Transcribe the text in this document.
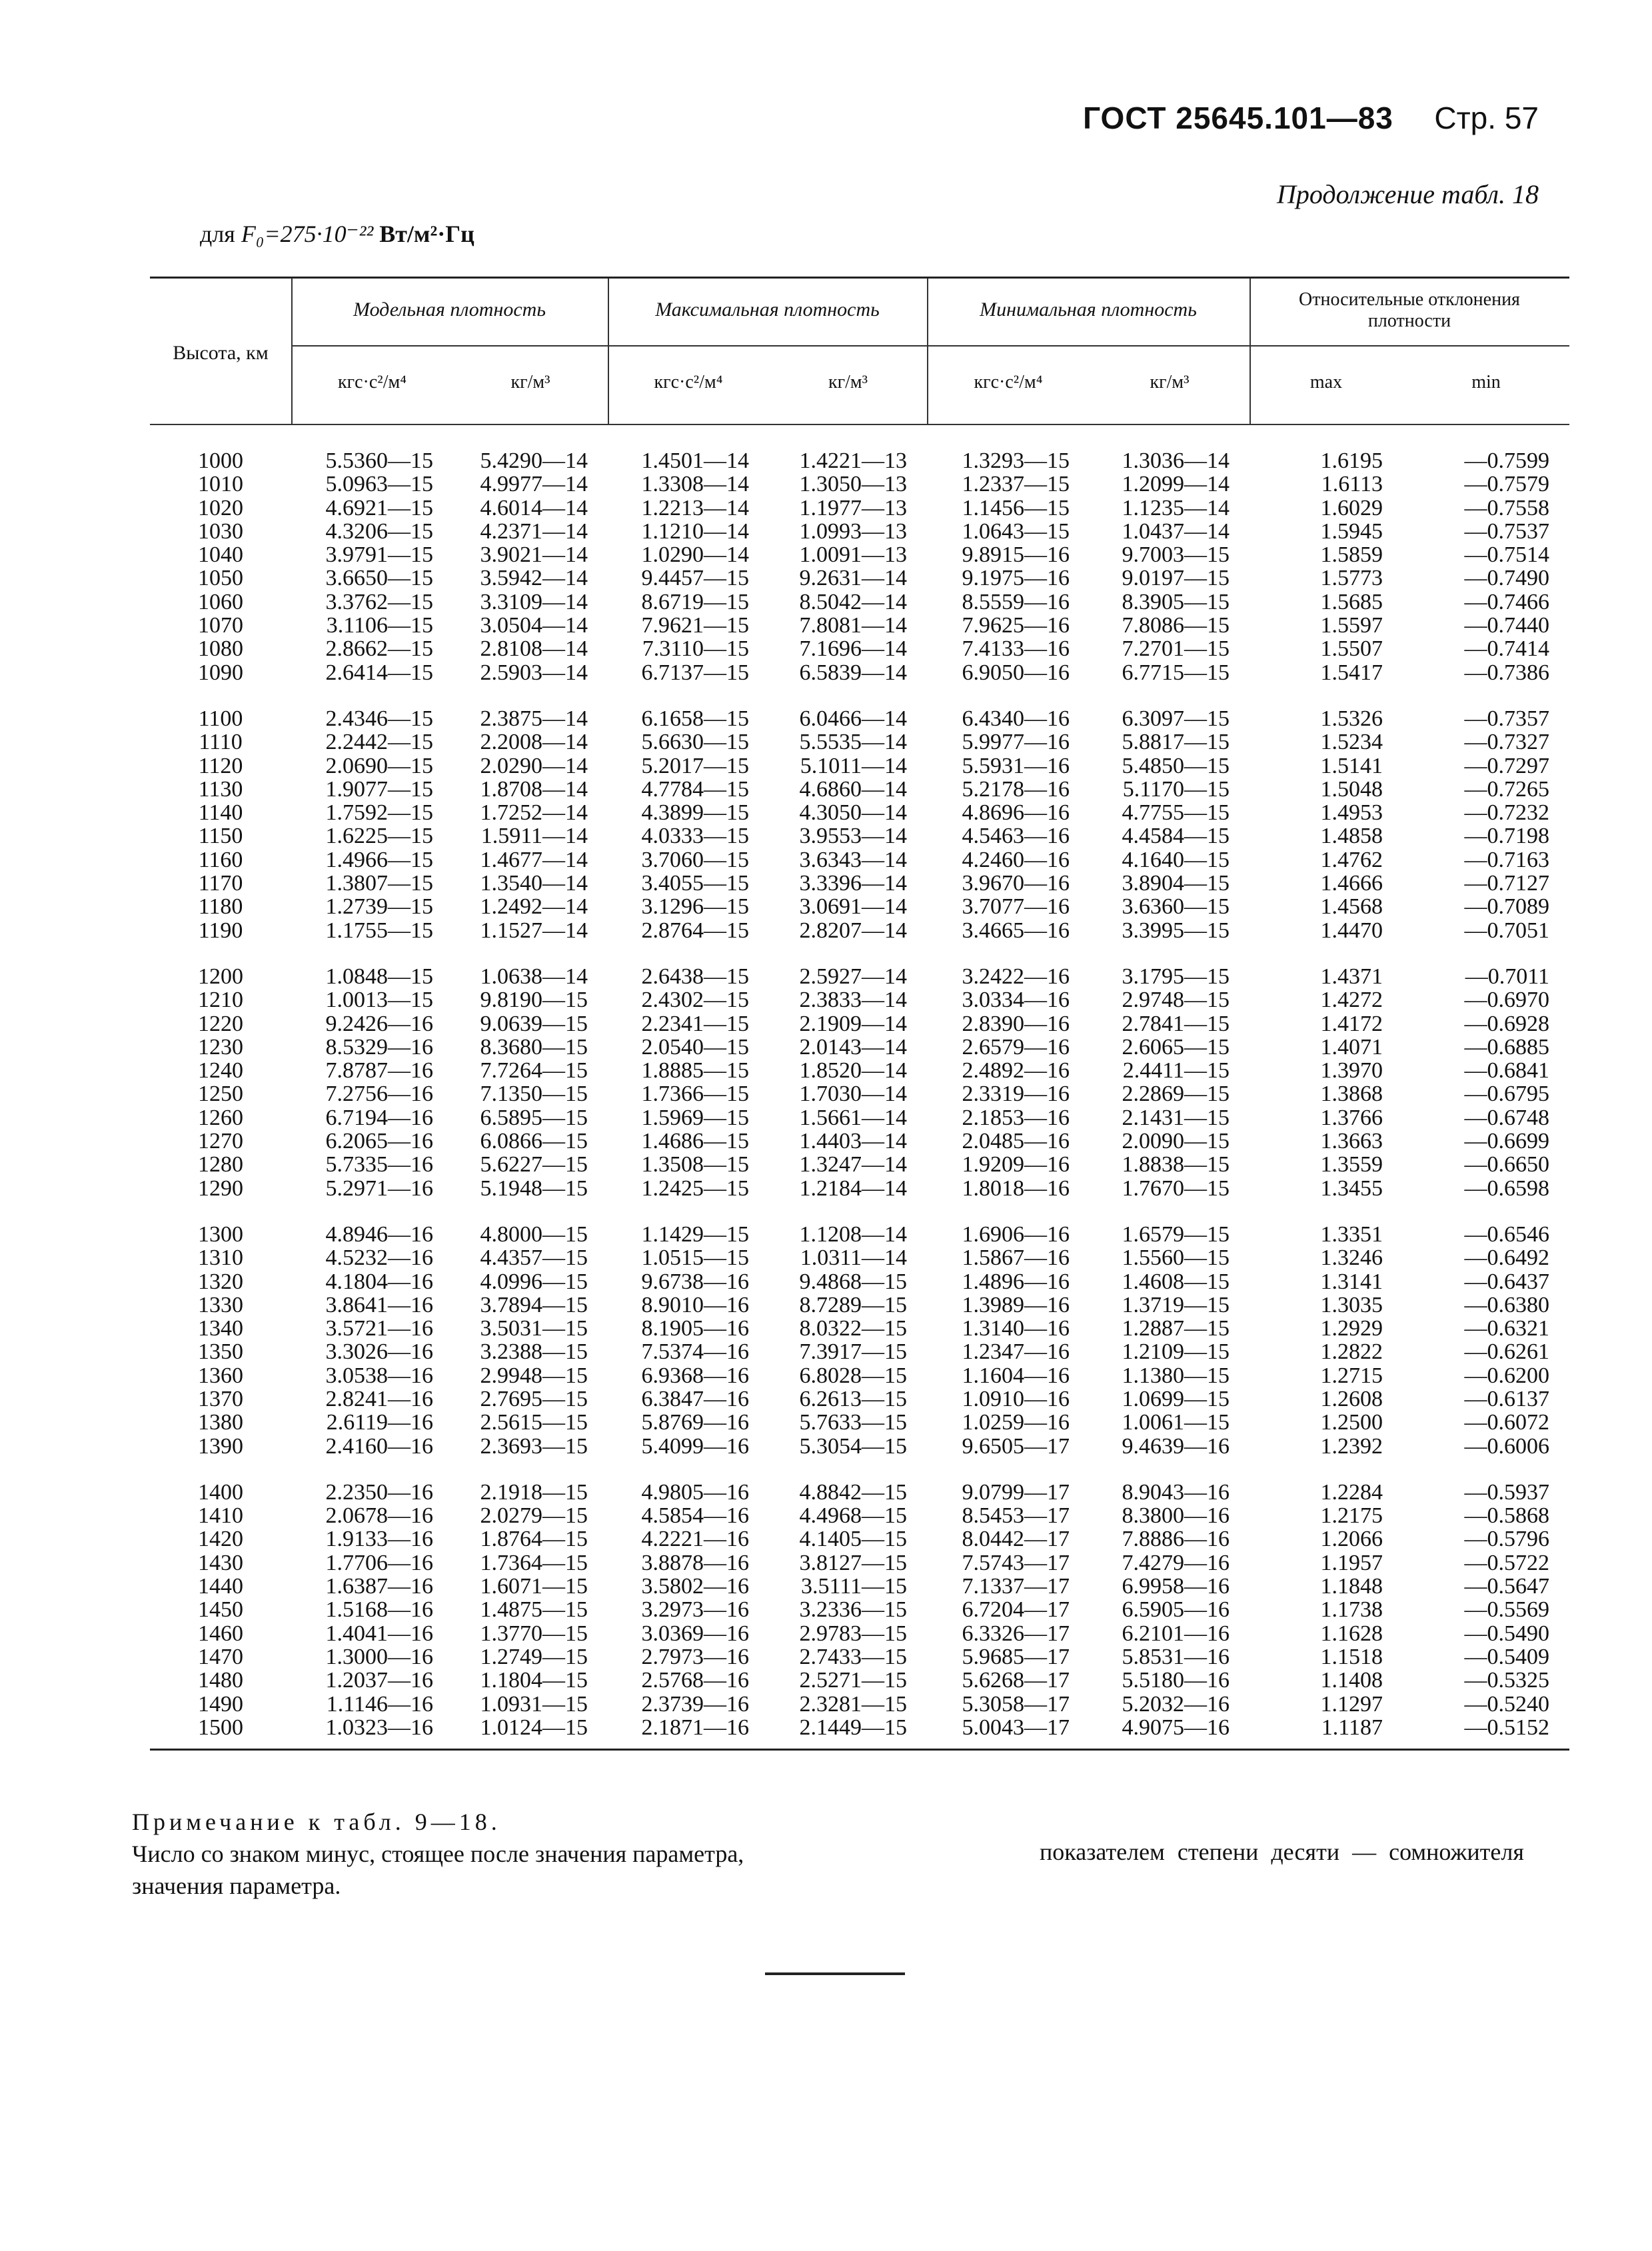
ГОСТ 25645.101—83 Стр. 57
Продолжение табл. 18
для F₀=275·10⁻²² Вт/м²·Гц
Высота, км
Модельная плотность	Максимальная плотность	Минимальная плотность	Относительные отклонения плотности
кгс·с²/м⁴	кг/м³	кгс·с²/м⁴	кг/м³	кгс·с²/м⁴	кг/м³	max	min
1000	5.5360—15	5.4290—14	1.4501—14	1.4221—13	1.3293—15	1.3036—14	1.6195	—0.7599
1010	5.0963—15	4.9977—14	1.3308—14	1.3050—13	1.2337—15	1.2099—14	1.6113	—0.7579
1020	4.6921—15	4.6014—14	1.2213—14	1.1977—13	1.1456—15	1.1235—14	1.6029	—0.7558
1030	4.3206—15	4.2371—14	1.1210—14	1.0993—13	1.0643—15	1.0437—14	1.5945	—0.7537
1040	3.9791—15	3.9021—14	1.0290—14	1.0091—13	9.8915—16	9.7003—15	1.5859	—0.7514
1050	3.6650—15	3.5942—14	9.4457—15	9.2631—14	9.1975—16	9.0197—15	1.5773	—0.7490
1060	3.3762—15	3.3109—14	8.6719—15	8.5042—14	8.5559—16	8.3905—15	1.5685	—0.7466
1070	3.1106—15	3.0504—14	7.9621—15	7.8081—14	7.9625—16	7.8086—15	1.5597	—0.7440
1080	2.8662—15	2.8108—14	7.3110—15	7.1696—14	7.4133—16	7.2701—15	1.5507	—0.7414
1090	2.6414—15	2.5903—14	6.7137—15	6.5839—14	6.9050—16	6.7715—15	1.5417	—0.7386
1100	2.4346—15	2.3875—14	6.1658—15	6.0466—14	6.4340—16	6.3097—15	1.5326	—0.7357
1110	2.2442—15	2.2008—14	5.6630—15	5.5535—14	5.9977—16	5.8817—15	1.5234	—0.7327
1120	2.0690—15	2.0290—14	5.2017—15	5.1011—14	5.5931—16	5.4850—15	1.5141	—0.7297
1130	1.9077—15	1.8708—14	4.7784—15	4.6860—14	5.2178—16	5.1170—15	1.5048	—0.7265
1140	1.7592—15	1.7252—14	4.3899—15	4.3050—14	4.8696—16	4.7755—15	1.4953	—0.7232
1150	1.6225—15	1.5911—14	4.0333—15	3.9553—14	4.5463—16	4.4584—15	1.4858	—0.7198
1160	1.4966—15	1.4677—14	3.7060—15	3.6343—14	4.2460—16	4.1640—15	1.4762	—0.7163
1170	1.3807—15	1.3540—14	3.4055—15	3.3396—14	3.9670—16	3.8904—15	1.4666	—0.7127
1180	1.2739—15	1.2492—14	3.1296—15	3.0691—14	3.7077—16	3.6360—15	1.4568	—0.7089
1190	1.1755—15	1.1527—14	2.8764—15	2.8207—14	3.4665—16	3.3995—15	1.4470	—0.7051
1200	1.0848—15	1.0638—14	2.6438—15	2.5927—14	3.2422—16	3.1795—15	1.4371	—0.7011
1210	1.0013—15	9.8190—15	2.4302—15	2.3833—14	3.0334—16	2.9748—15	1.4272	—0.6970
1220	9.2426—16	9.0639—15	2.2341—15	2.1909—14	2.8390—16	2.7841—15	1.4172	—0.6928
1230	8.5329—16	8.3680—15	2.0540—15	2.0143—14	2.6579—16	2.6065—15	1.4071	—0.6885
1240	7.8787—16	7.7264—15	1.8885—15	1.8520—14	2.4892—16	2.4411—15	1.3970	—0.6841
1250	7.2756—16	7.1350—15	1.7366—15	1.7030—14	2.3319—16	2.2869—15	1.3868	—0.6795
1260	6.7194—16	6.5895—15	1.5969—15	1.5661—14	2.1853—16	2.1431—15	1.3766	—0.6748
1270	6.2065—16	6.0866—15	1.4686—15	1.4403—14	2.0485—16	2.0090—15	1.3663	—0.6699
1280	5.7335—16	5.6227—15	1.3508—15	1.3247—14	1.9209—16	1.8838—15	1.3559	—0.6650
1290	5.2971—16	5.1948—15	1.2425—15	1.2184—14	1.8018—16	1.7670—15	1.3455	—0.6598
1300	4.8946—16	4.8000—15	1.1429—15	1.1208—14	1.6906—16	1.6579—15	1.3351	—0.6546
1310	4.5232—16	4.4357—15	1.0515—15	1.0311—14	1.5867—16	1.5560—15	1.3246	—0.6492
1320	4.1804—16	4.0996—15	9.6738—16	9.4868—15	1.4896—16	1.4608—15	1.3141	—0.6437
1330	3.8641—16	3.7894—15	8.9010—16	8.7289—15	1.3989—16	1.3719—15	1.3035	—0.6380
1340	3.5721—16	3.5031—15	8.1905—16	8.0322—15	1.3140—16	1.2887—15	1.2929	—0.6321
1350	3.3026—16	3.2388—15	7.5374—16	7.3917—15	1.2347—16	1.2109—15	1.2822	—0.6261
1360	3.0538—16	2.9948—15	6.9368—16	6.8028—15	1.1604—16	1.1380—15	1.2715	—0.6200
1370	2.8241—16	2.7695—15	6.3847—16	6.2613—15	1.0910—16	1.0699—15	1.2608	—0.6137
1380	2.6119—16	2.5615—15	5.8769—16	5.7633—15	1.0259—16	1.0061—15	1.2500	—0.6072
1390	2.4160—16	2.3693—15	5.4099—16	5.3054—15	9.6505—17	9.4639—16	1.2392	—0.6006
1400	2.2350—16	2.1918—15	4.9805—16	4.8842—15	9.0799—17	8.9043—16	1.2284	—0.5937
1410	2.0678—16	2.0279—15	4.5854—16	4.4968—15	8.5453—17	8.3800—16	1.2175	—0.5868
1420	1.9133—16	1.8764—15	4.2221—16	4.1405—15	8.0442—17	7.8886—16	1.2066	—0.5796
1430	1.7706—16	1.7364—15	3.8878—16	3.8127—15	7.5743—17	7.4279—16	1.1957	—0.5722
1440	1.6387—16	1.6071—15	3.5802—16	3.5111—15	7.1337—17	6.9958—16	1.1848	—0.5647
1450	1.5168—16	1.4875—15	3.2973—16	3.2336—15	6.7204—17	6.5905—16	1.1738	—0.5569
1460	1.4041—16	1.3770—15	3.0369—16	2.9783—15	6.3326—17	6.2101—16	1.1628	—0.5490
1470	1.3000—16	1.2749—15	2.7973—16	2.7433—15	5.9685—17	5.8531—16	1.1518	—0.5409
1480	1.2037—16	1.1804—15	2.5768—16	2.5271—15	5.6268—17	5.5180—16	1.1408	—0.5325
1490	1.1146—16	1.0931—15	2.3739—16	2.3281—15	5.3058—17	5.2032—16	1.1297	—0.5240
1500	1.0323—16	1.0124—15	2.1871—16	2.1449—15	5.0043—17	4.9075—16	1.1187	—0.5152
Примечание к табл. 9—18.
Число со знаком минус, стоящее после значения параметра,
значения параметра.
показателем степени десяти — сомножителя
